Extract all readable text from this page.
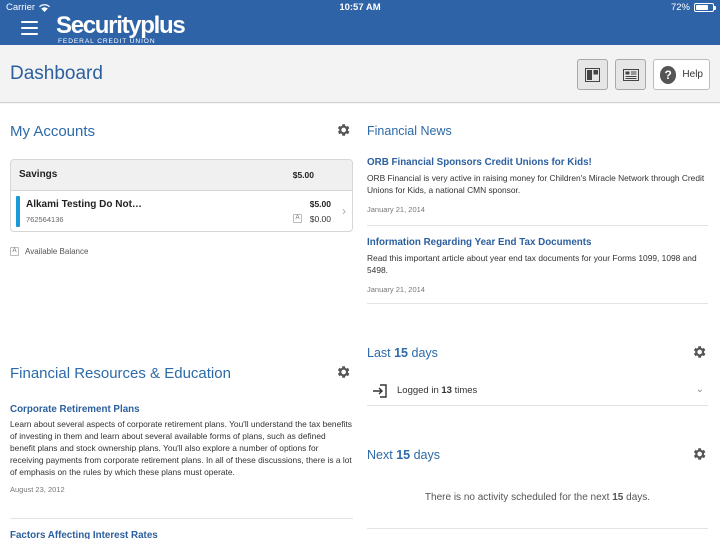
Carrier	10:57 AM	72%
Securityplus
FEDERAL CREDIT UNION
Dashboard	?	Help
My Accounts
Savings	$5.00
Alkami Testing Do Not…
762564136
$5.00
A $0.00
›
A	Available Balance
Financial Resources & Education
Corporate Retirement Plans
Learn about several aspects of corporate retirement plans. You'll understand the tax benefits of investing in them and learn about several available forms of plans, such as defined benefit plans and stock ownership plans. You'll also explore a number of options for receiving payments from corporate retirement plans. In all of these discussions, there is a lot of emphasis on the rules by which these plans must operate.
August 23, 2012
Factors Affecting Interest Rates
Financial News
ORB Financial Sponsors Credit Unions for Kids!
ORB Financial is very active in raising money for Children's Miracle Network through Credit Unions for Kids, a national CMN sponsor.
January 21, 2014
Information Regarding Year End Tax Documents
Read this important article about year end tax documents for your Forms 1099, 1098 and 5498.
January 21, 2014
Last 15 days
Logged in 13 times	⌄
Next 15 days
There is no activity scheduled for the next 15 days.
